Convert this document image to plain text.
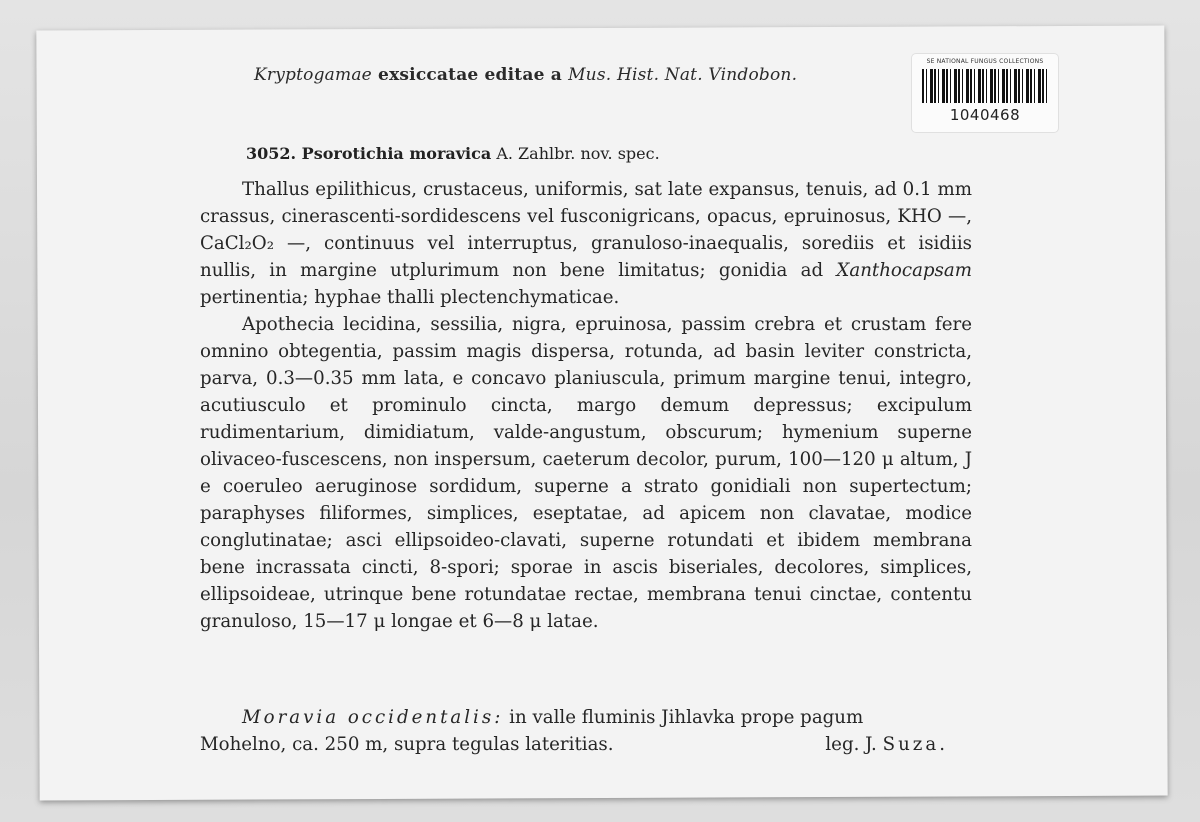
Kryptogamae exsiccatae editae a Mus. Hist. Nat. Vindobon.
SE NATIONAL FUNGUS COLLECTIONS
1040468
3052. Psorotichia moravica A. Zahlbr. nov. spec.

Thallus epilithicus, crustaceus, uniformis, sat late expansus, tenuis, ad 0.1 mm crassus, cinerascenti-sordidescens vel fusconigricans, opacus, epruinosus, KHO —, CaCl₂O₂ —, continuus vel interruptus, granuloso-inaequalis, sorediis et isidiis nullis, in margine utplurimum non bene limitatus; gonidia ad Xanthocapsam pertinentia; hyphae thalli plectenchymaticae.

Apothecia lecidina, sessilia, nigra, epruinosa, passim crebra et crustam fere omnino obtegentia, passim magis dispersa, rotunda, ad basin leviter constricta, parva, 0.3—0.35 mm lata, e concavo planiuscula, primum margine tenui, integro, acutiusculo et prominulo cincta, margo demum depressus; excipulum rudimentarium, dimidiatum, valde-angustum, obscurum; hymenium superne olivaceo-fuscescens, non inspersum, caeterum decolor, purum, 100—120 μ altum, J e coeruleo aeruginose sordidum, superne a strato gonidiali non supertectum; paraphyses filiformes, simplices, eseptatae, ad apicem non clavatae, modice conglutinatae; asci ellipsoideo-clavati, superne rotundati et ibidem membrana bene incrassata cincti, 8-spori; sporae in ascis biseriales, decolores, simplices, ellipsoideae, utrinque bene rotundatae rectae, membrana tenui cinctae, contentu granuloso, 15—17 μ longae et 6—8 μ latae.

Moravia occidentalis: in valle fluminis Jihlavka prope pagum

Mohelno, ca. 250 m, supra tegulas lateritias.	leg. J. Suza.
